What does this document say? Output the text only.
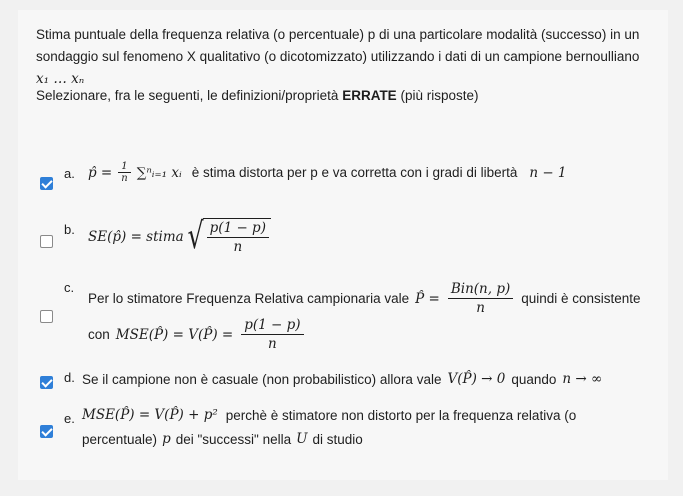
Stima puntuale della frequenza relativa (o percentuale) p di una particolare modalità (successo) in un
sondaggio sul fenomeno X qualitativo (o dicotomizzato) utilizzando i dati di un campione bernoulliano
x₁ … xₙ
Selezionare, fra le seguenti, le definizioni/proprietà ERRATE (più risposte)
a. p̂ = $\frac{1}{n}$ ∑ⁿᵢ₌₁ xᵢ è stima distorta per p e va corretta con i gradi di libertà n − 1
b. SE(p̂) = stima √ $\frac{p(1 - p)}{n}$
c.
Per lo stimatore Frequenza Relativa campionaria vale P̂ = $\frac{\text{Bin(n, p)}}{n}$ quindi è consistente
con MSE(P̂) = V(P̂) = $\frac{p(1 - p)}{n}$
d. Se il campione non è casuale (non probabilistico) allora vale V(P̂) → 0 quando n → ∞
e. MSE(P̂) = V(P̂) + p² perchè è stimatore non distorto per la frequenza relativa (o
percentuale) p dei "successi" nella U di studio
